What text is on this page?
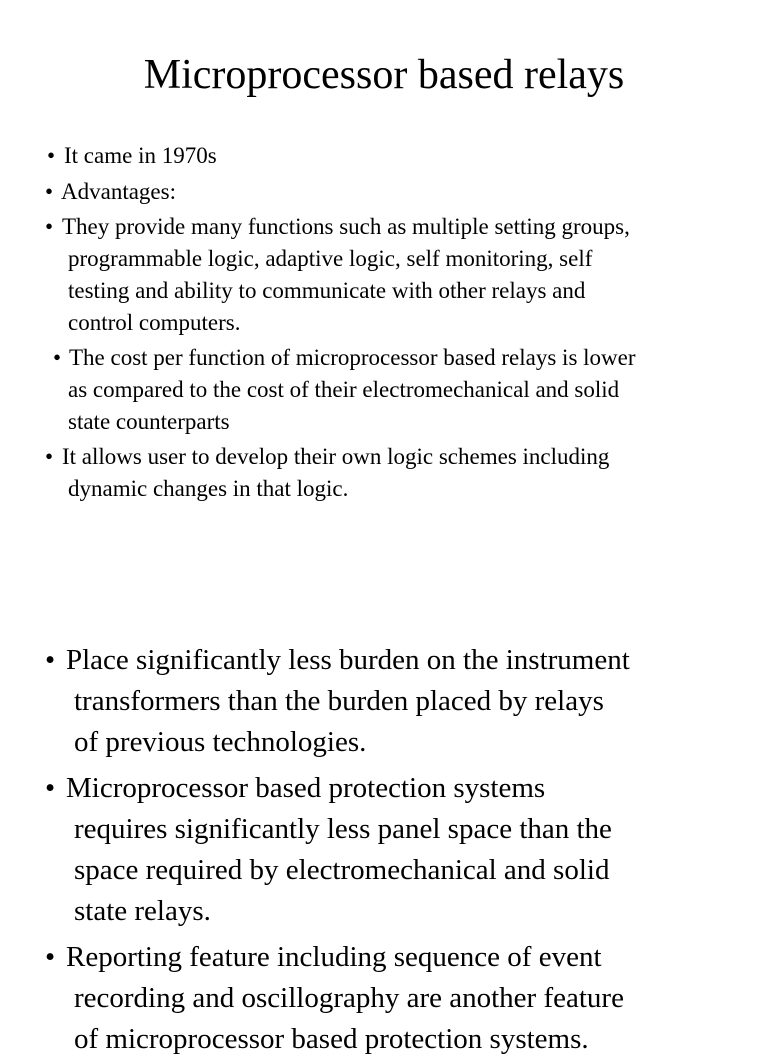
Microprocessor based relays
• It came in 1970s
• Advantages:
• They provide many functions such as multiple setting groups,
programmable logic, adaptive logic, self monitoring, self
testing and ability to communicate with other relays and
control computers.
• The cost per function of microprocessor based relays is lower
as compared to the cost of their electromechanical and solid
state counterparts
• It allows user to develop their own logic schemes including
dynamic changes in that logic.
• Place significantly less burden on the instrument
transformers than the burden placed by relays
of previous technologies.
• Microprocessor based protection systems
requires significantly less panel space than the
space required by electromechanical and solid
state relays.
• Reporting feature including sequence of event
recording and oscillography are another feature
of microprocessor based protection systems.
